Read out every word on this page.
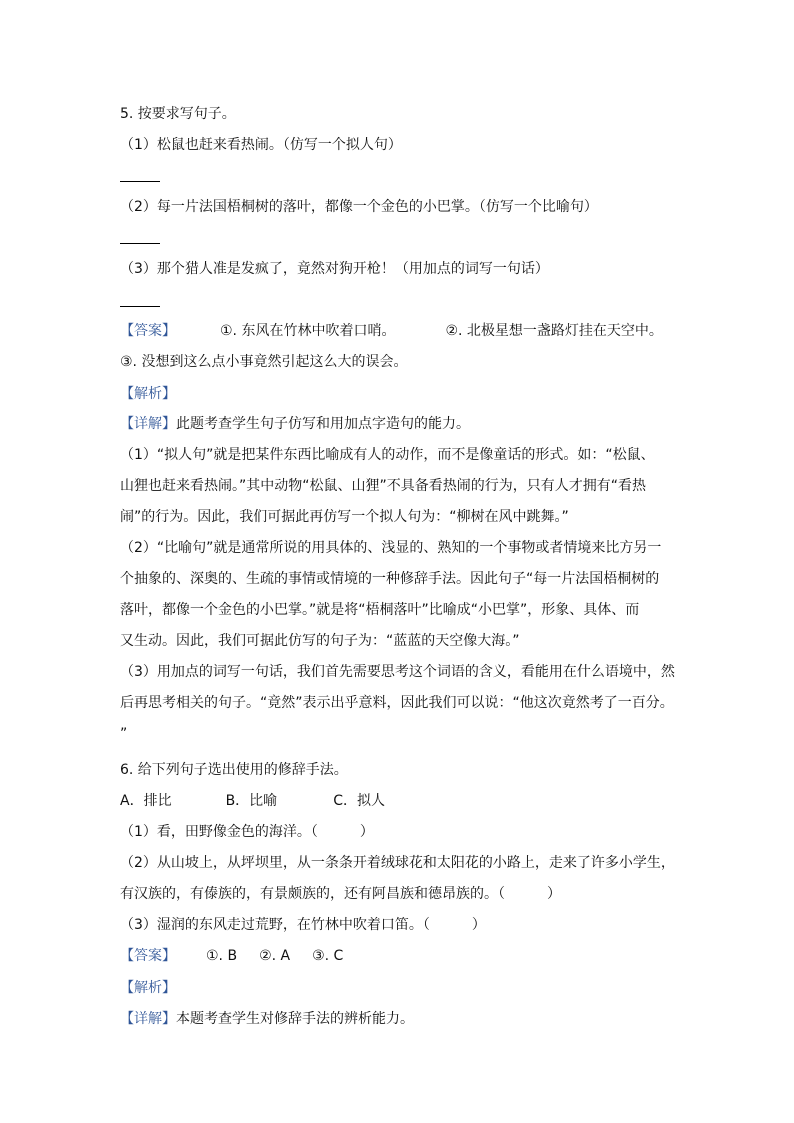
5. 按要求写句子。
（1）松鼠也赶来看热闹。（仿写一个拟人句）
（2）每一片法国梧桐树的落叶，都像一个金色的小巴掌。（仿写一个比喻句）
（3）那个猎人准是发疯了，竟然对狗开枪！（用加点的词写一句话）
【答案】	①. 东风在竹林中吹着口哨。	②. 北极星想一盏路灯挂在天空中。
③. 没想到这么点小事竟然引起这么大的误会。
【解析】
【详解】此题考查学生句子仿写和用加点字造句的能力。
（1）“拟人句”就是把某件东西比喻成有人的动作，而不是像童话的形式。如：“松鼠、
山狸也赶来看热闹。”其中动物“松鼠、山狸”不具备看热闹的行为，只有人才拥有“看热
闹”的行为。因此，我们可据此再仿写一个拟人句为：“柳树在风中跳舞。”
（2）“比喻句”就是通常所说的用具体的、浅显的、熟知的一个事物或者情境来比方另一
个抽象的、深奥的、生疏的事情或情境的一种修辞手法。因此句子“每一片法国梧桐树的
落叶，都像一个金色的小巴掌。”就是将“梧桐落叶”比喻成“小巴掌”，形象、具体、而
又生动。因此，我们可据此仿写的句子为：“蓝蓝的天空像大海。”
（3）用加点的词写一句话，我们首先需要思考这个词语的含义，看能用在什么语境中，然
后再思考相关的句子。“竟然”表示出乎意料，因此我们可以说：“他这次竟然考了一百分。
”
6. 给下列句子选出使用的修辞手法。
A．排比	B．比喻	C．拟人
（1）看，田野像金色的海洋。（　　　）
（2）从山坡上，从坪坝里，从一条条开着绒球花和太阳花的小路上，走来了许多小学生，
有汉族的，有傣族的，有景颇族的，还有阿昌族和德昂族的。（　　　）
（3）湿润的东风走过荒野，在竹林中吹着口笛。（　　　）
【答案】 ①. B ②. A ③. C
【解析】
【详解】本题考查学生对修辞手法的辨析能力。
